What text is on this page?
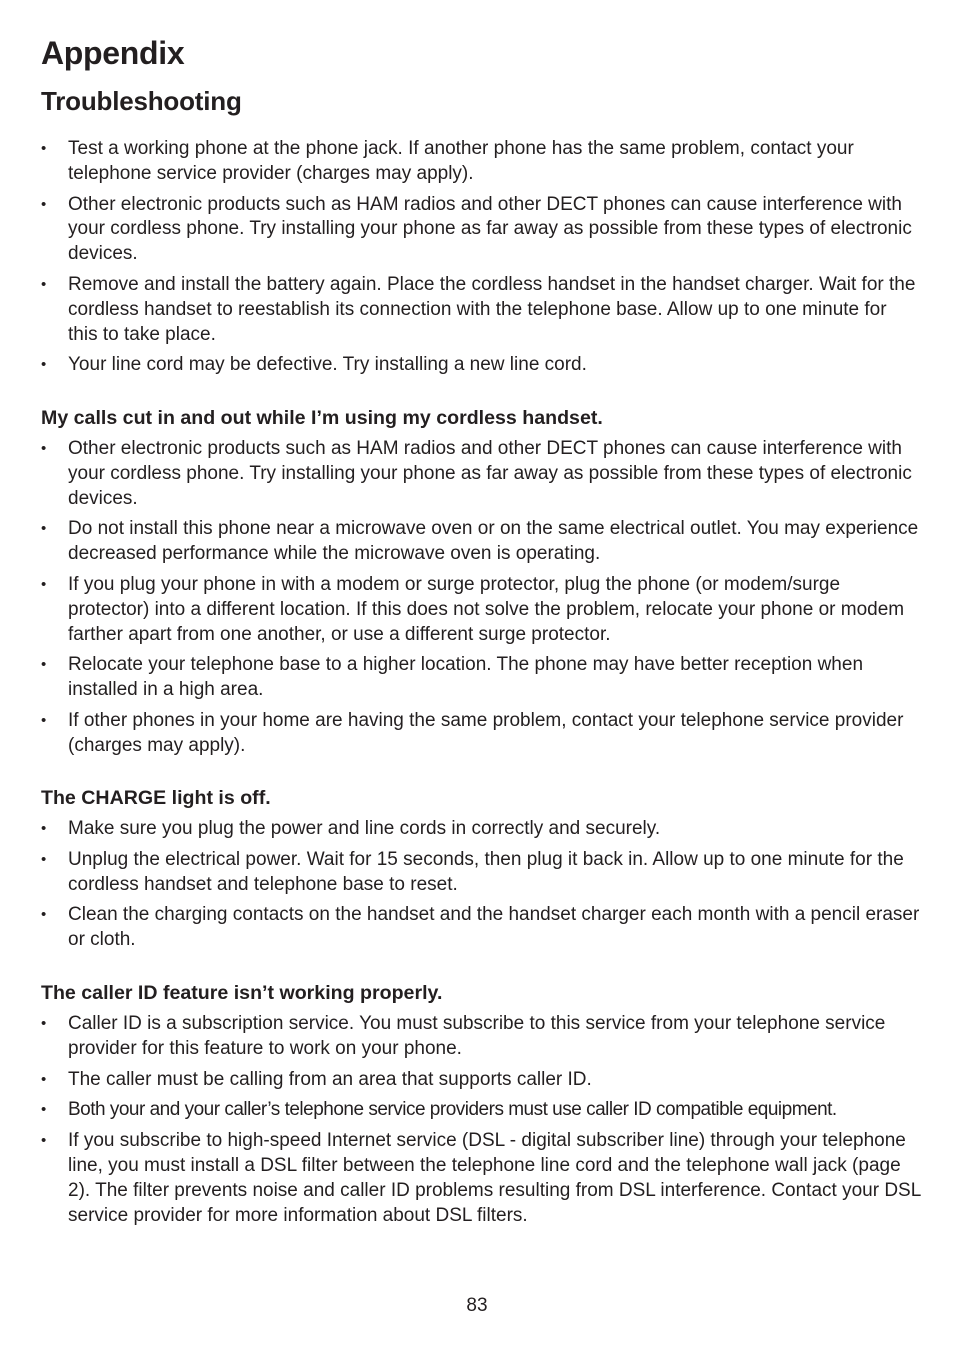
Appendix
Troubleshooting
• Test a working phone at the phone jack. If another phone has the same problem, contact your telephone service provider (charges may apply).
• Other electronic products such as HAM radios and other DECT phones can cause interference with your cordless phone. Try installing your phone as far away as possible from these types of electronic devices.
• Remove and install the battery again. Place the cordless handset in the handset charger. Wait for the cordless handset to reestablish its connection with the telephone base. Allow up to one minute for this to take place.
• Your line cord may be defective. Try installing a new line cord.
My calls cut in and out while I’m using my cordless handset.
• Other electronic products such as HAM radios and other DECT phones can cause interference with your cordless phone. Try installing your phone as far away as possible from these types of electronic devices.
• Do not install this phone near a microwave oven or on the same electrical outlet. You may experience decreased performance while the microwave oven is operating.
• If you plug your phone in with a modem or surge protector, plug the phone (or modem/surge protector) into a different location. If this does not solve the problem, relocate your phone or modem farther apart from one another, or use a different surge protector.
• Relocate your telephone base to a higher location. The phone may have better reception when installed in a high area.
• If other phones in your home are having the same problem, contact your telephone service provider (charges may apply).
The CHARGE light is off.
• Make sure you plug the power and line cords in correctly and securely.
• Unplug the electrical power. Wait for 15 seconds, then plug it back in. Allow up to one minute for the cordless handset and telephone base to reset.
• Clean the charging contacts on the handset and the handset charger each month with a pencil eraser or cloth.
The caller ID feature isn’t working properly.
• Caller ID is a subscription service. You must subscribe to this service from your telephone service provider for this feature to work on your phone.
• The caller must be calling from an area that supports caller ID.
• Both your and your caller’s telephone service providers must use caller ID compatible equipment.
• If you subscribe to high-speed Internet service (DSL - digital subscriber line) through your telephone line, you must install a DSL filter between the telephone line cord and the telephone wall jack (page 2). The filter prevents noise and caller ID problems resulting from DSL interference. Contact your DSL service provider for more information about DSL filters.
83
